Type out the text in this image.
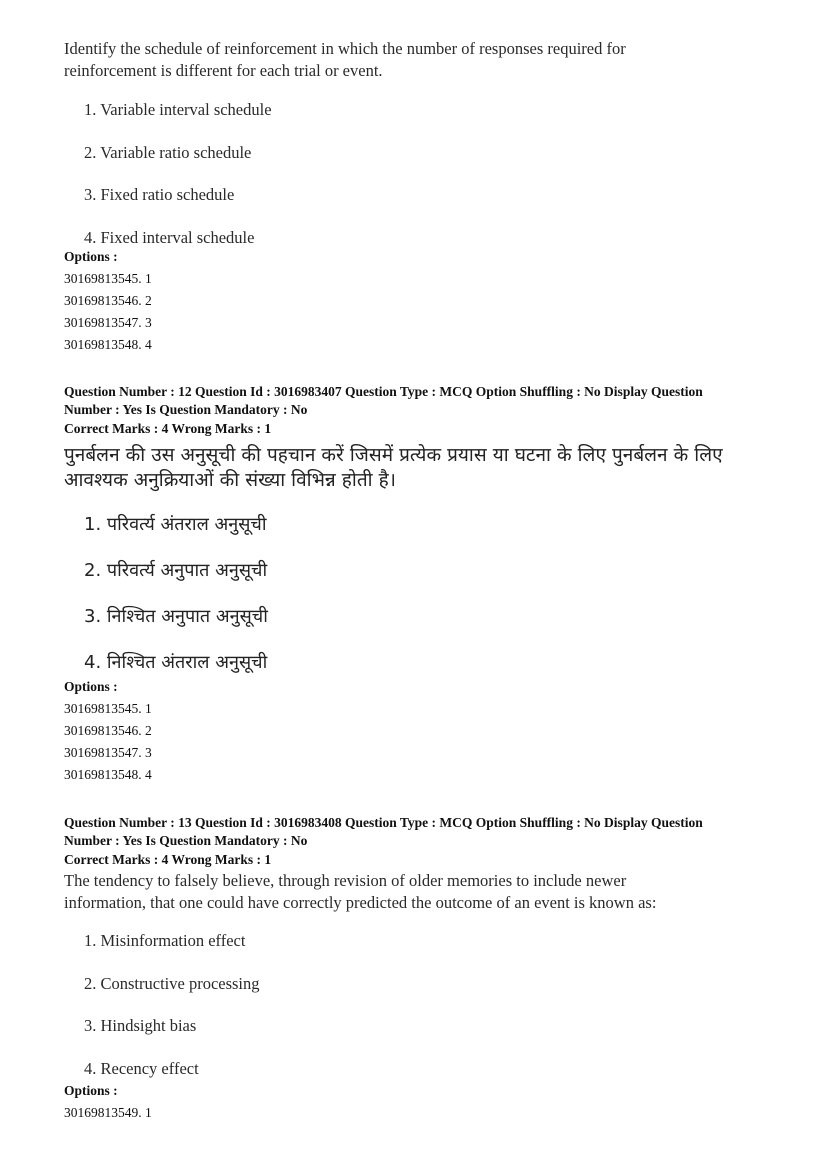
Identify the schedule of reinforcement in which the number of responses required for
reinforcement is different for each trial or event.
1. Variable interval schedule
2. Variable ratio schedule
3. Fixed ratio schedule
4. Fixed interval schedule
Options :
30169813545. 1
30169813546. 2
30169813547. 3
30169813548. 4
Question Number : 12 Question Id : 3016983407 Question Type : MCQ Option Shuffling : No Display Question
Number : Yes Is Question Mandatory : No
Correct Marks : 4 Wrong Marks : 1
पुनर्बलन की उस अनुसूची की पहचान करें जिसमें प्रत्येक प्रयास या घटना के लिए पुनर्बलन के लिए
आवश्यक अनुक्रियाओं की संख्या विभिन्न होती है।
1. परिवर्त्य अंतराल अनुसूची
2. परिवर्त्य अनुपात अनुसूची
3. निश्चित अनुपात अनुसूची
4. निश्चित अंतराल अनुसूची
Options :
30169813545. 1
30169813546. 2
30169813547. 3
30169813548. 4
Question Number : 13 Question Id : 3016983408 Question Type : MCQ Option Shuffling : No Display Question
Number : Yes Is Question Mandatory : No
Correct Marks : 4 Wrong Marks : 1
The tendency to falsely believe, through revision of older memories to include newer
information, that one could have correctly predicted the outcome of an event is known as:
1. Misinformation effect
2. Constructive processing
3. Hindsight bias
4. Recency effect
Options :
30169813549. 1
